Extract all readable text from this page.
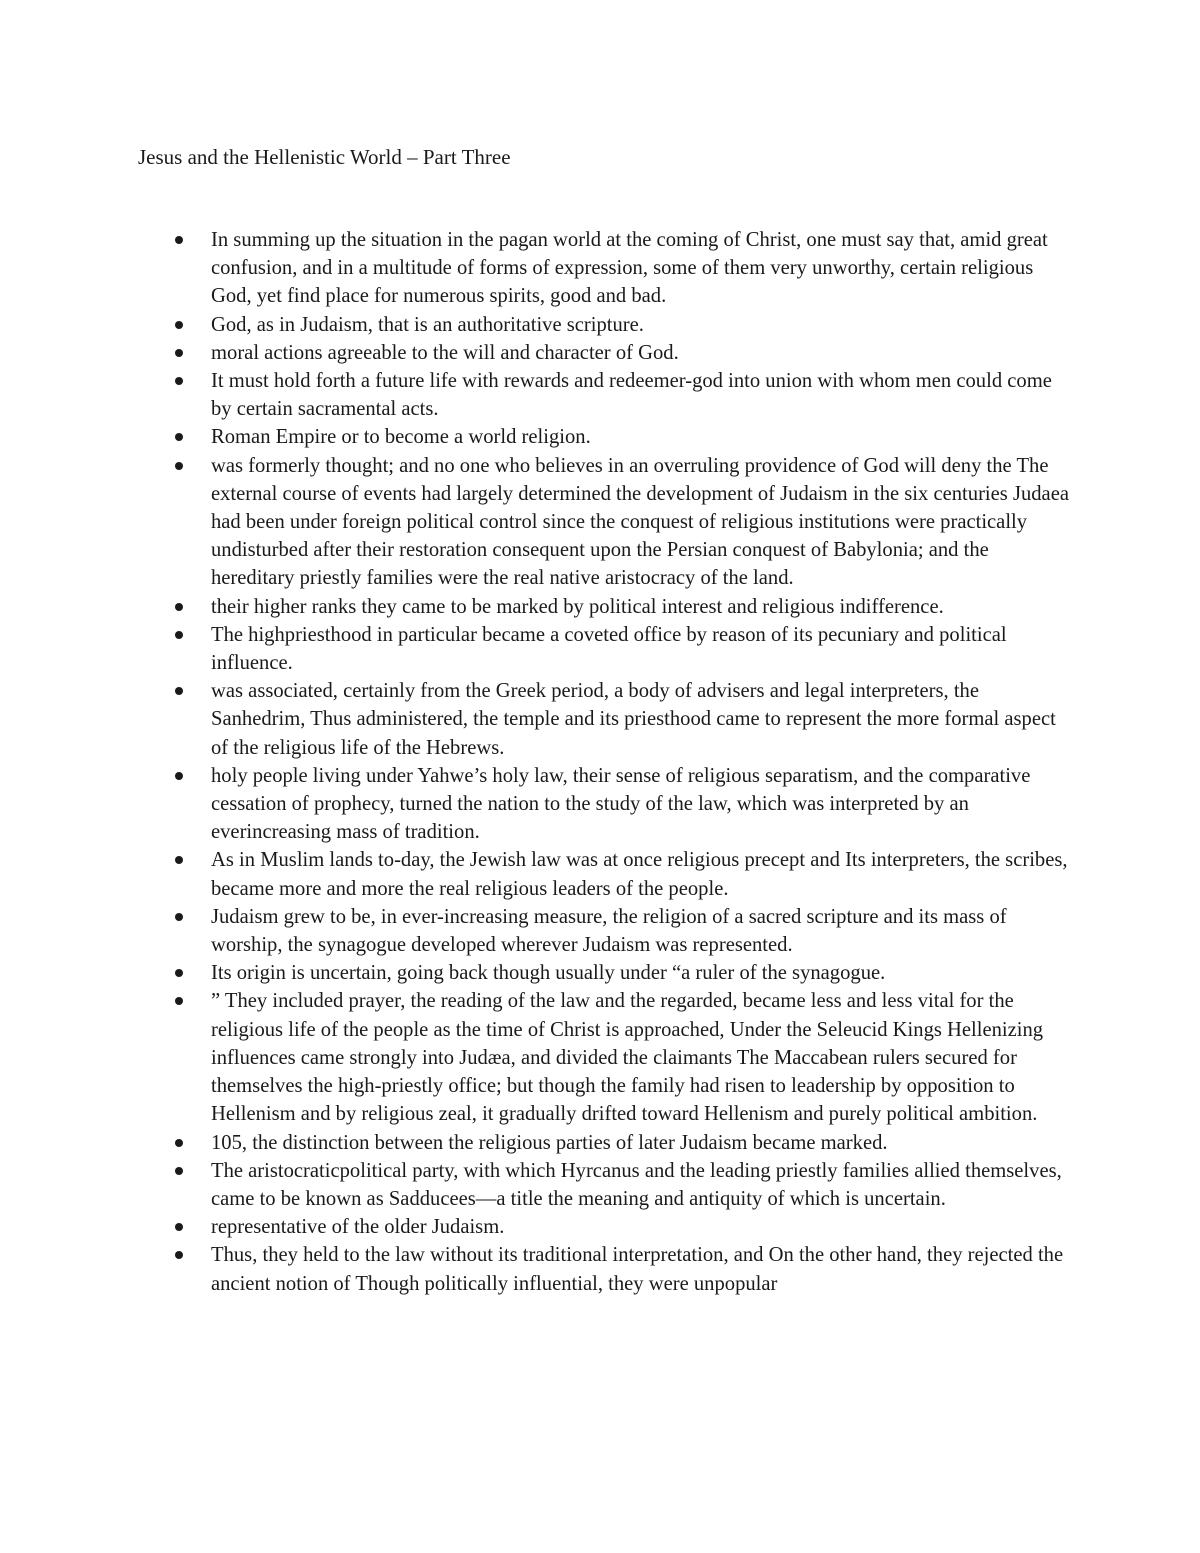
Jesus and the Hellenistic World – Part Three
In summing up the situation in the pagan world at the coming of Christ, one must say that, amid great confusion, and in a multitude of forms of expression, some of them very unworthy, certain religious God, yet find place for numerous spirits, good and bad.
God, as in Judaism, that is an authoritative scripture.
moral actions agreeable to the will and character of God.
It must hold forth a future life with rewards and redeemer-god into union with whom men could come by certain sacramental acts.
Roman Empire or to become a world religion.
was formerly thought; and no one who believes in an overruling providence of God will deny the The external course of events had largely determined the development of Judaism in the six centuries Judaea had been under foreign political control since the conquest of religious institutions were practically undisturbed after their restoration consequent upon the Persian conquest of Babylonia; and the hereditary priestly families were the real native aristocracy of the land.
their higher ranks they came to be marked by political interest and religious indifference.
The highpriesthood in particular became a coveted office by reason of its pecuniary and political influence.
was associated, certainly from the Greek period, a body of advisers and legal interpreters, the Sanhedrim, Thus administered, the temple and its priesthood came to represent the more formal aspect of the religious life of the Hebrews.
holy people living under Yahwe’s holy law, their sense of religious separatism, and the comparative cessation of prophecy, turned the nation to the study of the law, which was interpreted by an everincreasing mass of tradition.
As in Muslim lands to-day, the Jewish law was at once religious precept and Its interpreters, the scribes, became more and more the real religious leaders of the people.
Judaism grew to be, in ever-increasing measure, the religion of a sacred scripture and its mass of worship, the synagogue developed wherever Judaism was represented.
Its origin is uncertain, going back though usually under “a ruler of the synagogue.
” They included prayer, the reading of the law and the regarded, became less and less vital for the religious life of the people as the time of Christ is approached, Under the Seleucid Kings Hellenizing influences came strongly into Judæa, and divided the claimants The Maccabean rulers secured for themselves the high-priestly office; but though the family had risen to leadership by opposition to Hellenism and by religious zeal, it gradually drifted toward Hellenism and purely political ambition.
105, the distinction between the religious parties of later Judaism became marked.
The aristocraticpolitical party, with which Hyrcanus and the leading priestly families allied themselves, came to be known as Sadducees—a title the meaning and antiquity of which is uncertain.
representative of the older Judaism.
Thus, they held to the law without its traditional interpretation, and On the other hand, they rejected the ancient notion of Though politically influential, they were unpopular
